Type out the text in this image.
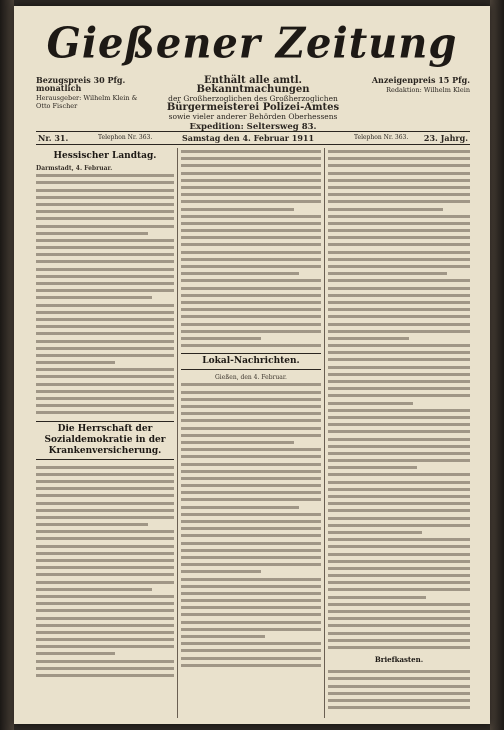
Gießener Zeitung
Bezugspreis 30 Pfg. monatlich
Herausgeber: Wilhelm Klein & Otto Fischer
Enthält alle amtl. Bekanntmachungen
der Großherzoglichen des Großherzoglichen
Bürgermeisterei Polizei-Amtes
sowie vieler anderer Behörden Oberhessens
Expedition: Seltersweg 83.
Anzeigenpreis 15 Pfg.
Redaktion: Wilhelm Klein
Nr. 31.	Telephon Nr. 363.	Samstag den 4. Februar 1911	Telephon Nr. 363. 23. Jahrg.
Hessischer Landtag.
Darmstadt, 4. Februar.
Die Herrschaft der Sozialdemokratie in der Krankenversicherung.
Lokal-Nachrichten.
Gießen, den 4. Februar.
Briefkasten.
